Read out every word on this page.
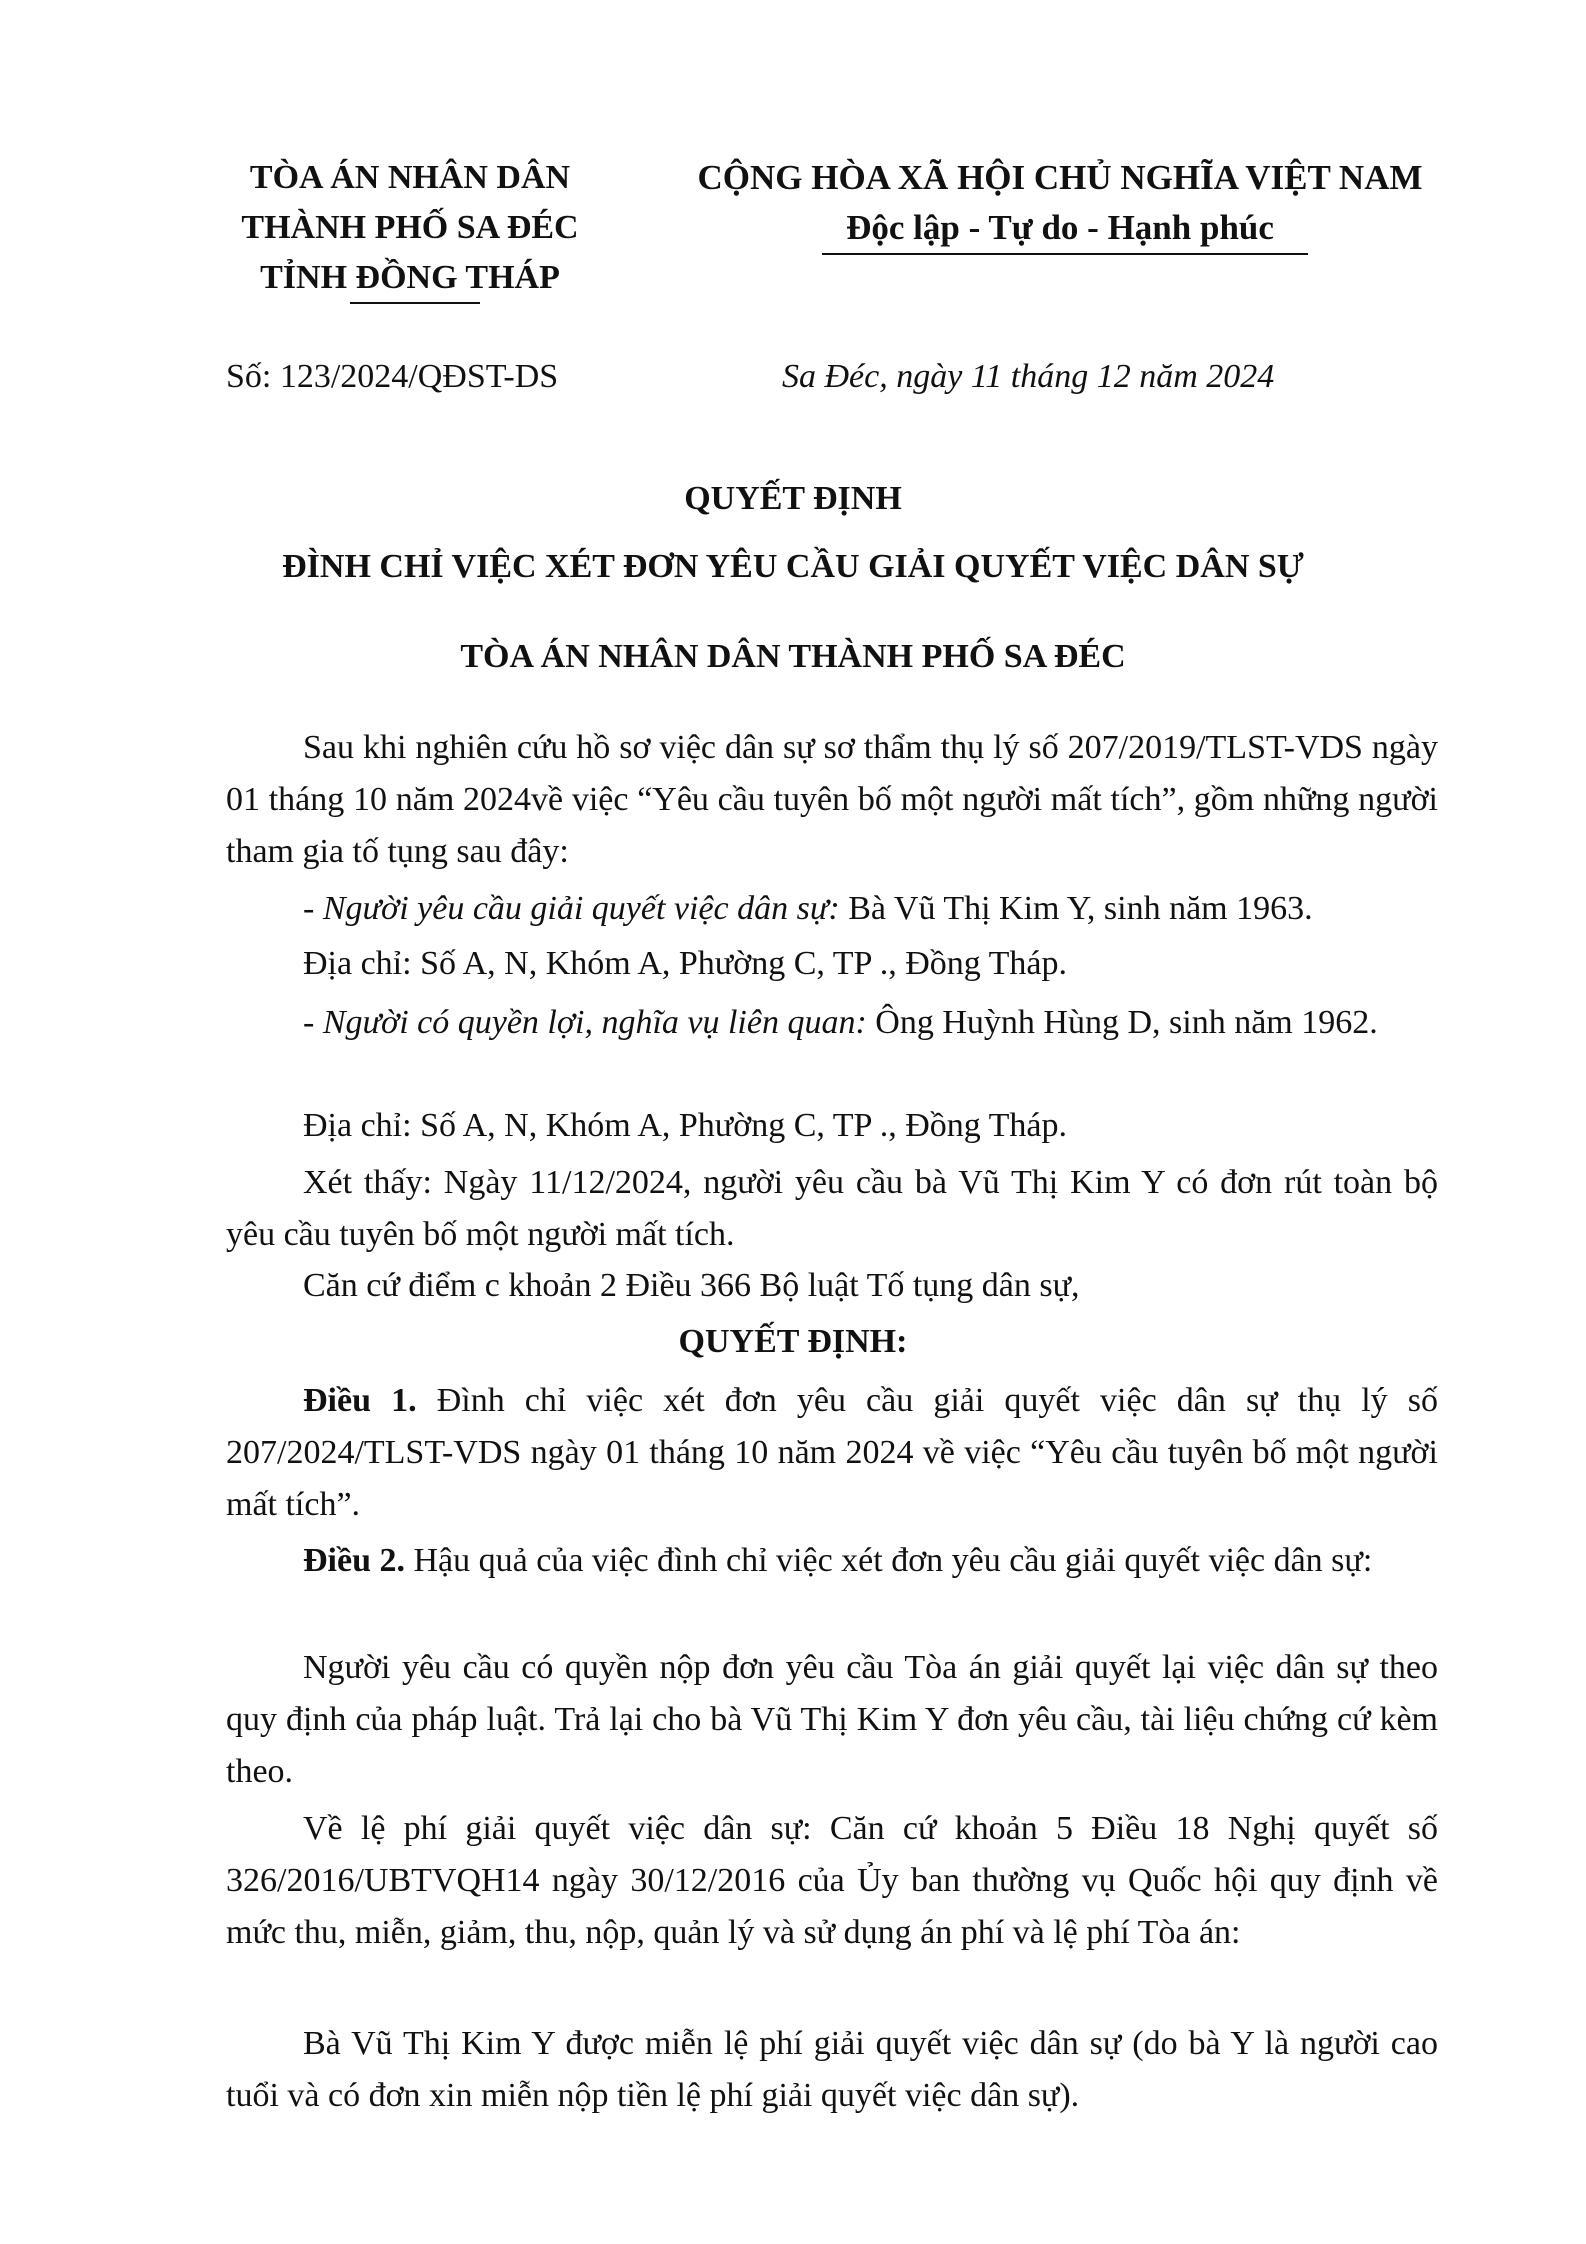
TÒA ÁN NHÂN DÂN
THÀNH PHỐ SA ĐÉC
TỈNH ĐỒNG THÁP
CỘNG HÒA XÃ HỘI CHỦ NGHĨA VIỆT NAM
Độc lập - Tự do - Hạnh phúc
Số: 123/2024/QĐST-DS	Sa Đéc, ngày 11 tháng 12 năm 2024
QUYẾT ĐỊNH
ĐÌNH CHỈ VIỆC XÉT ĐƠN YÊU CẦU GIẢI QUYẾT VIỆC DÂN SỰ
TÒA ÁN NHÂN DÂN THÀNH PHỐ SA ĐÉC
Sau khi nghiên cứu hồ sơ việc dân sự sơ thẩm thụ lý số 207/2019/TLST-VDS ngày 01 tháng 10 năm 2024về việc “Yêu cầu tuyên bố một người mất tích”, gồm những người tham gia tố tụng sau đây:
- Người yêu cầu giải quyết việc dân sự: Bà Vũ Thị Kim Y, sinh năm 1963.
Địa chỉ: Số A, N, Khóm A, Phường C, TP ., Đồng Tháp.
- Người có quyền lợi, nghĩa vụ liên quan: Ông Huỳnh Hùng D, sinh năm 1962.
Địa chỉ: Số A, N, Khóm A, Phường C, TP ., Đồng Tháp.
Xét thấy: Ngày 11/12/2024, người yêu cầu bà Vũ Thị Kim Y có đơn rút toàn bộ yêu cầu tuyên bố một người mất tích.
Căn cứ điểm c khoản 2 Điều 366 Bộ luật Tố tụng dân sự,
QUYẾT ĐỊNH:
Điều 1. Đình chỉ việc xét đơn yêu cầu giải quyết việc dân sự thụ lý số 207/2024/TLST-VDS ngày 01 tháng 10 năm 2024 về việc “Yêu cầu tuyên bố một người mất tích”.
Điều 2. Hậu quả của việc đình chỉ việc xét đơn yêu cầu giải quyết việc dân sự:
Người yêu cầu có quyền nộp đơn yêu cầu Tòa án giải quyết lại việc dân sự theo quy định của pháp luật. Trả lại cho bà Vũ Thị Kim Y đơn yêu cầu, tài liệu chứng cứ kèm theo.
Về lệ phí giải quyết việc dân sự: Căn cứ khoản 5 Điều 18 Nghị quyết số 326/2016/UBTVQH14 ngày 30/12/2016 của Ủy ban thường vụ Quốc hội quy định về mức thu, miễn, giảm, thu, nộp, quản lý và sử dụng án phí và lệ phí Tòa án:
Bà Vũ Thị Kim Y được miễn lệ phí giải quyết việc dân sự (do bà Y là người cao tuổi và có đơn xin miễn nộp tiền lệ phí giải quyết việc dân sự).
